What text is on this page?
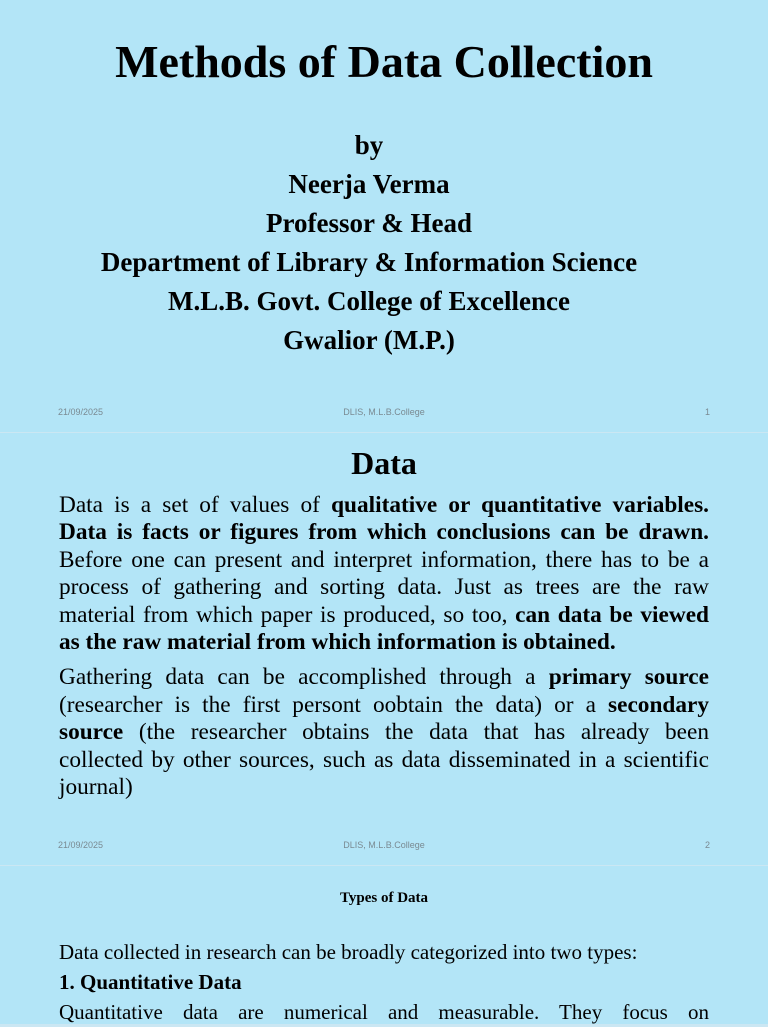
Methods of Data Collection
by
Neerja Verma
Professor & Head
Department of Library & Information Science
M.L.B. Govt. College of Excellence
Gwalior (M.P.)
21/09/2025	DLIS, M.L.B.College	1
Data

Data is a set of values of qualitative or quantitative variables. Data is facts or figures from which conclusions can be drawn. Before one can present and interpret information, there has to be a process of gathering and sorting data. Just as trees are the raw material from which paper is produced, so too, can data be viewed as the raw material from which information is obtained.

Gathering data can be accomplished through a primary source (researcher is the first persont oobtain the data) or a secondary source (the researcher obtains the data that has already been collected by other sources, such as data disseminated in a scientific journal)

21/09/2025	DLIS, M.L.B.College	2
Types of Data

Data collected in research can be broadly categorized into two types:

1. Quantitative Data

Quantitative data are numerical and measurable. They focus on
